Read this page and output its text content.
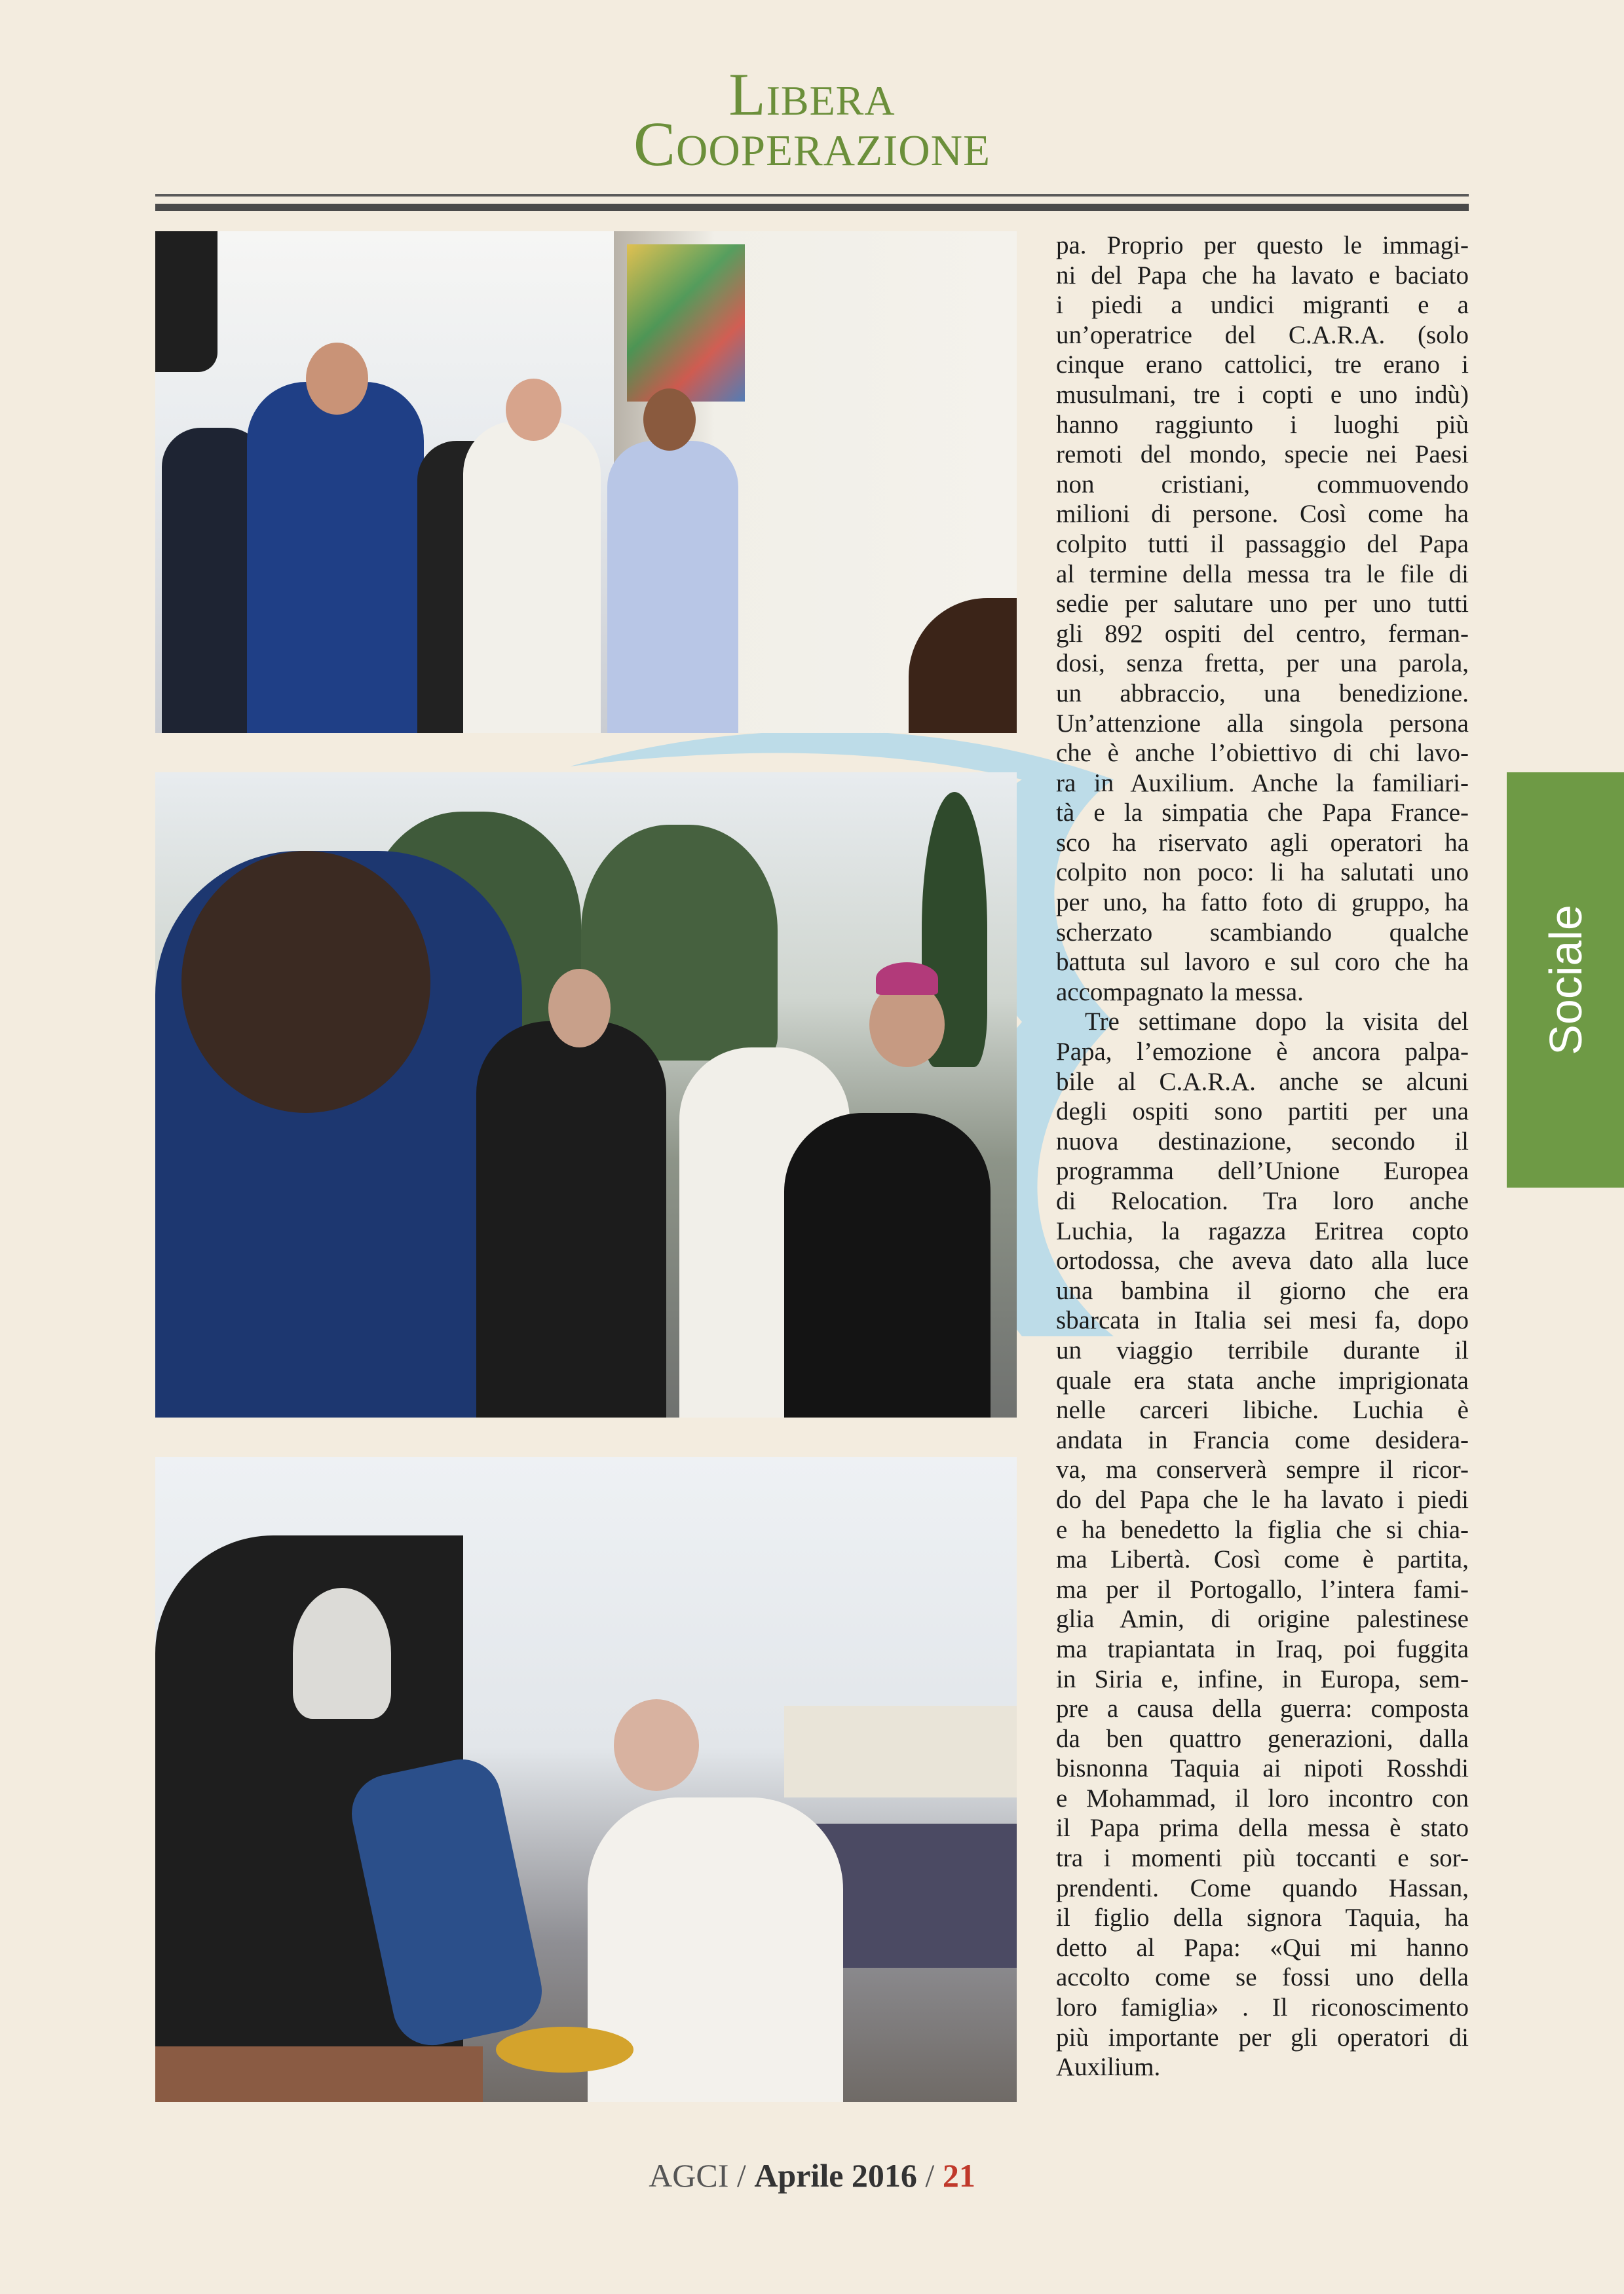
Libera
Cooperazione
pa. Proprio per questo le immagi-
ni del Papa che ha lavato e baciato
i piedi a undici migranti e a
un’operatrice del C.A.R.A. (solo
cinque erano cattolici, tre erano i
musulmani, tre i copti e uno indù)
hanno raggiunto i luoghi più
remoti del mondo, specie nei Paesi
non cristiani, commuovendo
milioni di persone. Così come ha
colpito tutti il passaggio del Papa
al termine della messa tra le file di
sedie per salutare uno per uno tutti
gli 892 ospiti del centro, ferman-
dosi, senza fretta, per una parola,
un abbraccio, una benedizione.
Un’attenzione alla singola persona
che è anche l’obiettivo di chi lavo-
ra in Auxilium. Anche la familiari-
tà e la simpatia che Papa France-
sco ha riservato agli operatori ha
colpito non poco: li ha salutati uno
per uno, ha fatto foto di gruppo, ha
scherzato scambiando qualche
battuta sul lavoro e sul coro che ha
accompagnato la messa.
Tre settimane dopo la visita del
Papa, l’emozione è ancora palpa-
bile al C.A.R.A. anche se alcuni
degli ospiti sono partiti per una
nuova destinazione, secondo il
programma dell’Unione Europea
di Relocation. Tra loro anche
Luchia, la ragazza Eritrea copto
ortodossa, che aveva dato alla luce
una bambina il giorno che era
sbarcata in Italia sei mesi fa, dopo
un viaggio terribile durante il
quale era stata anche imprigionata
nelle carceri libiche. Luchia è
andata in Francia come desidera-
va, ma conserverà sempre il ricor-
do del Papa che le ha lavato i piedi
e ha benedetto la figlia che si chia-
ma Libertà. Così come è partita,
ma per il Portogallo, l’intera fami-
glia Amin, di origine palestinese
ma trapiantata in Iraq, poi fuggita
in Siria e, infine, in Europa, sem-
pre a causa della guerra: composta
da ben quattro generazioni, dalla
bisnonna Taquia ai nipoti Rosshdi
e Mohammad, il loro incontro con
il Papa prima della messa è stato
tra i momenti più toccanti e sor-
prendenti. Come quando Hassan,
il figlio della signora Taquia, ha
detto al Papa: «Qui mi hanno
accolto come se fossi uno della
loro famiglia» . Il riconoscimento
più importante per gli operatori di
Auxilium.
Sociale
AGCI / Aprile 2016 / 21
